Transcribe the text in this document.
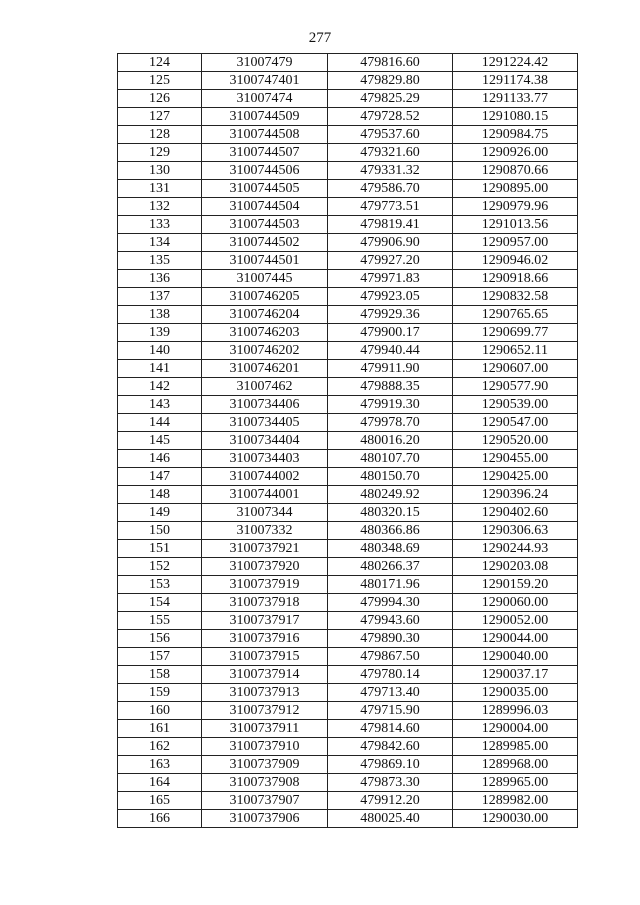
277
124	31007479	479816.60	1291224.42
125	3100747401	479829.80	1291174.38
126	31007474	479825.29	1291133.77
127	3100744509	479728.52	1291080.15
128	3100744508	479537.60	1290984.75
129	3100744507	479321.60	1290926.00
130	3100744506	479331.32	1290870.66
131	3100744505	479586.70	1290895.00
132	3100744504	479773.51	1290979.96
133	3100744503	479819.41	1291013.56
134	3100744502	479906.90	1290957.00
135	3100744501	479927.20	1290946.02
136	31007445	479971.83	1290918.66
137	3100746205	479923.05	1290832.58
138	3100746204	479929.36	1290765.65
139	3100746203	479900.17	1290699.77
140	3100746202	479940.44	1290652.11
141	3100746201	479911.90	1290607.00
142	31007462	479888.35	1290577.90
143	3100734406	479919.30	1290539.00
144	3100734405	479978.70	1290547.00
145	3100734404	480016.20	1290520.00
146	3100734403	480107.70	1290455.00
147	3100744002	480150.70	1290425.00
148	3100744001	480249.92	1290396.24
149	31007344	480320.15	1290402.60
150	31007332	480366.86	1290306.63
151	3100737921	480348.69	1290244.93
152	3100737920	480266.37	1290203.08
153	3100737919	480171.96	1290159.20
154	3100737918	479994.30	1290060.00
155	3100737917	479943.60	1290052.00
156	3100737916	479890.30	1290044.00
157	3100737915	479867.50	1290040.00
158	3100737914	479780.14	1290037.17
159	3100737913	479713.40	1290035.00
160	3100737912	479715.90	1289996.03
161	3100737911	479814.60	1290004.00
162	3100737910	479842.60	1289985.00
163	3100737909	479869.10	1289968.00
164	3100737908	479873.30	1289965.00
165	3100737907	479912.20	1289982.00
166	3100737906	480025.40	1290030.00
